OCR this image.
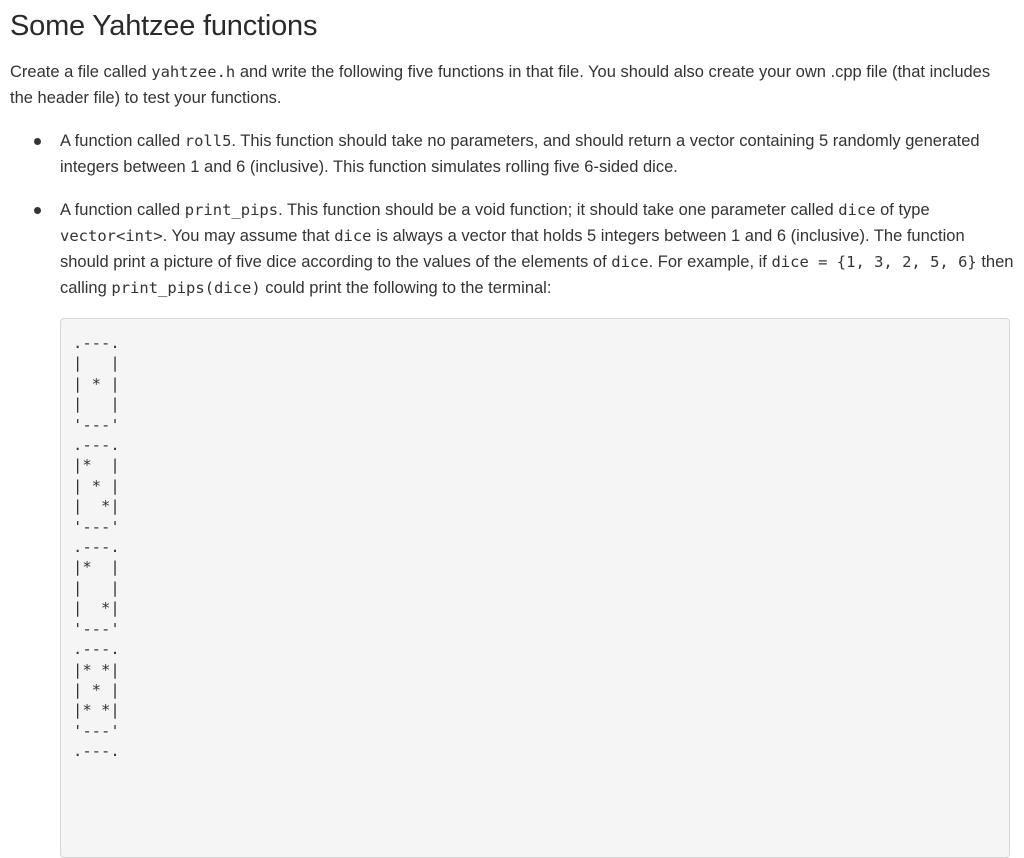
Some Yahtzee functions

Create a file called yahtzee.h and write the following five functions in that file. You should also create your own .cpp file (that includes the header file) to test your functions.

A function called roll5. This function should take no parameters, and should return a vector containing 5 randomly generated integers between 1 and 6 (inclusive). This function simulates rolling five 6-sided dice.
A function called print_pips. This function should be a void function; it should take one parameter called dice of type vector<int>. You may assume that dice is always a vector that holds 5 integers between 1 and 6 (inclusive). The function should print a picture of five dice according to the values of the elements of dice. For example, if dice = {1, 3, 2, 5, 6} then calling print_pips(dice) could print the following to the terminal:
.---.
|   |
| * |
|   |
'---'
.---.
|*  |
| * |
|  *|
'---'
.---.
|*  |
|   |
|  *|
'---'
.---.
|* *|
| * |
|* *|
'---'
.---.
